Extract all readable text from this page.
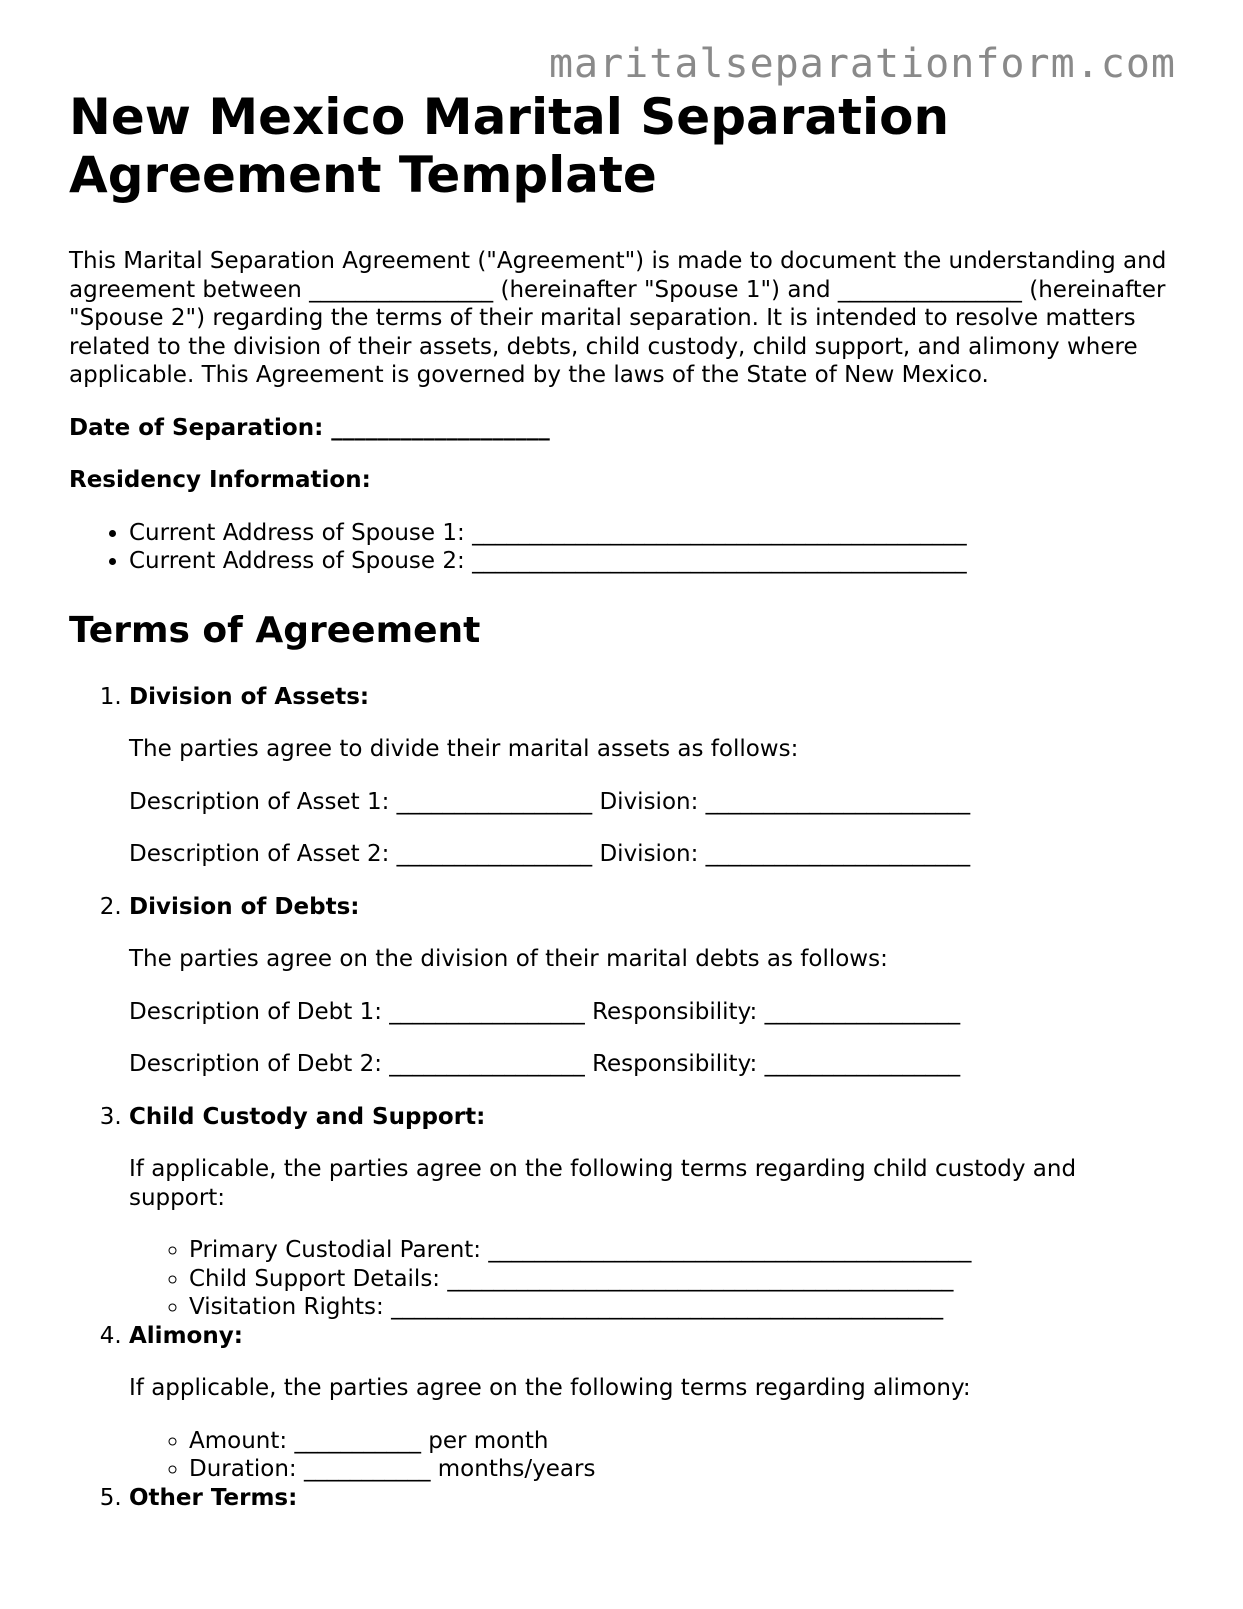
maritalseparationform.com
New Mexico Marital Separation Agreement Template

This Marital Separation Agreement ("Agreement") is made to document the understanding and agreement between ________________ (hereinafter "Spouse 1") and ________________ (hereinafter "Spouse 2") regarding the terms of their marital separation. It is intended to resolve matters related to the division of their assets, debts, child custody, child support, and alimony where applicable. This Agreement is governed by the laws of the State of New Mexico.

Date of Separation: ___________________
Residency Information:
• Current Address of Spouse 1: ___________________________________________
• Current Address of Spouse 2: ___________________________________________
Terms of Agreement
1. Division of Assets:

The parties agree to divide their marital assets as follows:

Description of Asset 1: _________________ Division: _______________________

Description of Asset 2: _________________ Division: _______________________

2. Division of Debts:

The parties agree on the division of their marital debts as follows:

Description of Debt 1: _________________ Responsibility: _________________

Description of Debt 2: _________________ Responsibility: _________________

3. Child Custody and Support:

If applicable, the parties agree on the following terms regarding child custody and support:

◦ Primary Custodial Parent: __________________________________________
◦ Child Support Details: ____________________________________________
◦ Visitation Rights: ________________________________________________
4. Alimony:

If applicable, the parties agree on the following terms regarding alimony:

◦ Amount: ___________ per month
◦ Duration: ___________ months/years
5. Other Terms:
